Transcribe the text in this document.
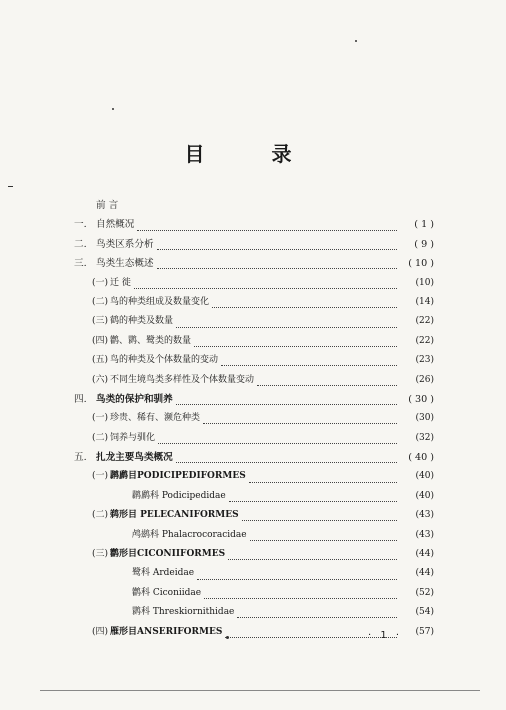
目 录
前 言
一. 自然概况	( 1 )
二. 鸟类区系分析	( 9 )
三. 鸟类生态概述	( 10 )
(一) 迁 徙	(10)
(二) 鸟的种类组成及数量变化	(14)
(三) 鹤的种类及数量	(22)
(四) 鹳、鹮、鹭类的数量	(22)
(五) 鸟的种类及个体数量的变动	(23)
(六) 不同生境鸟类多样性及个体数量变动	(26)
四. 鸟类的保护和驯养	( 30 )
(一) 珍贵、稀有、濒危种类	(30)
(二) 饲养与驯化	(32)
五. 扎龙主要鸟类概况	( 40 )
(一) 䴙䴘目PODICIPEDIFORMES	(40)
䴙䴘科 Podicipedidae	(40)
(二) 鹈形目 PELECANIFORMES	(43)
鸬鹚科 Phalacrocoracidae	(43)
(三) 鹳形目CICONIIFORMES	(44)
鹭科 Ardeidae	(44)
鹳科 Ciconiidae	(52)
鹮科 Threskiornithidae	(54)
(四) 雁形目ANSERIFORMES	(57)
· 1 ·
